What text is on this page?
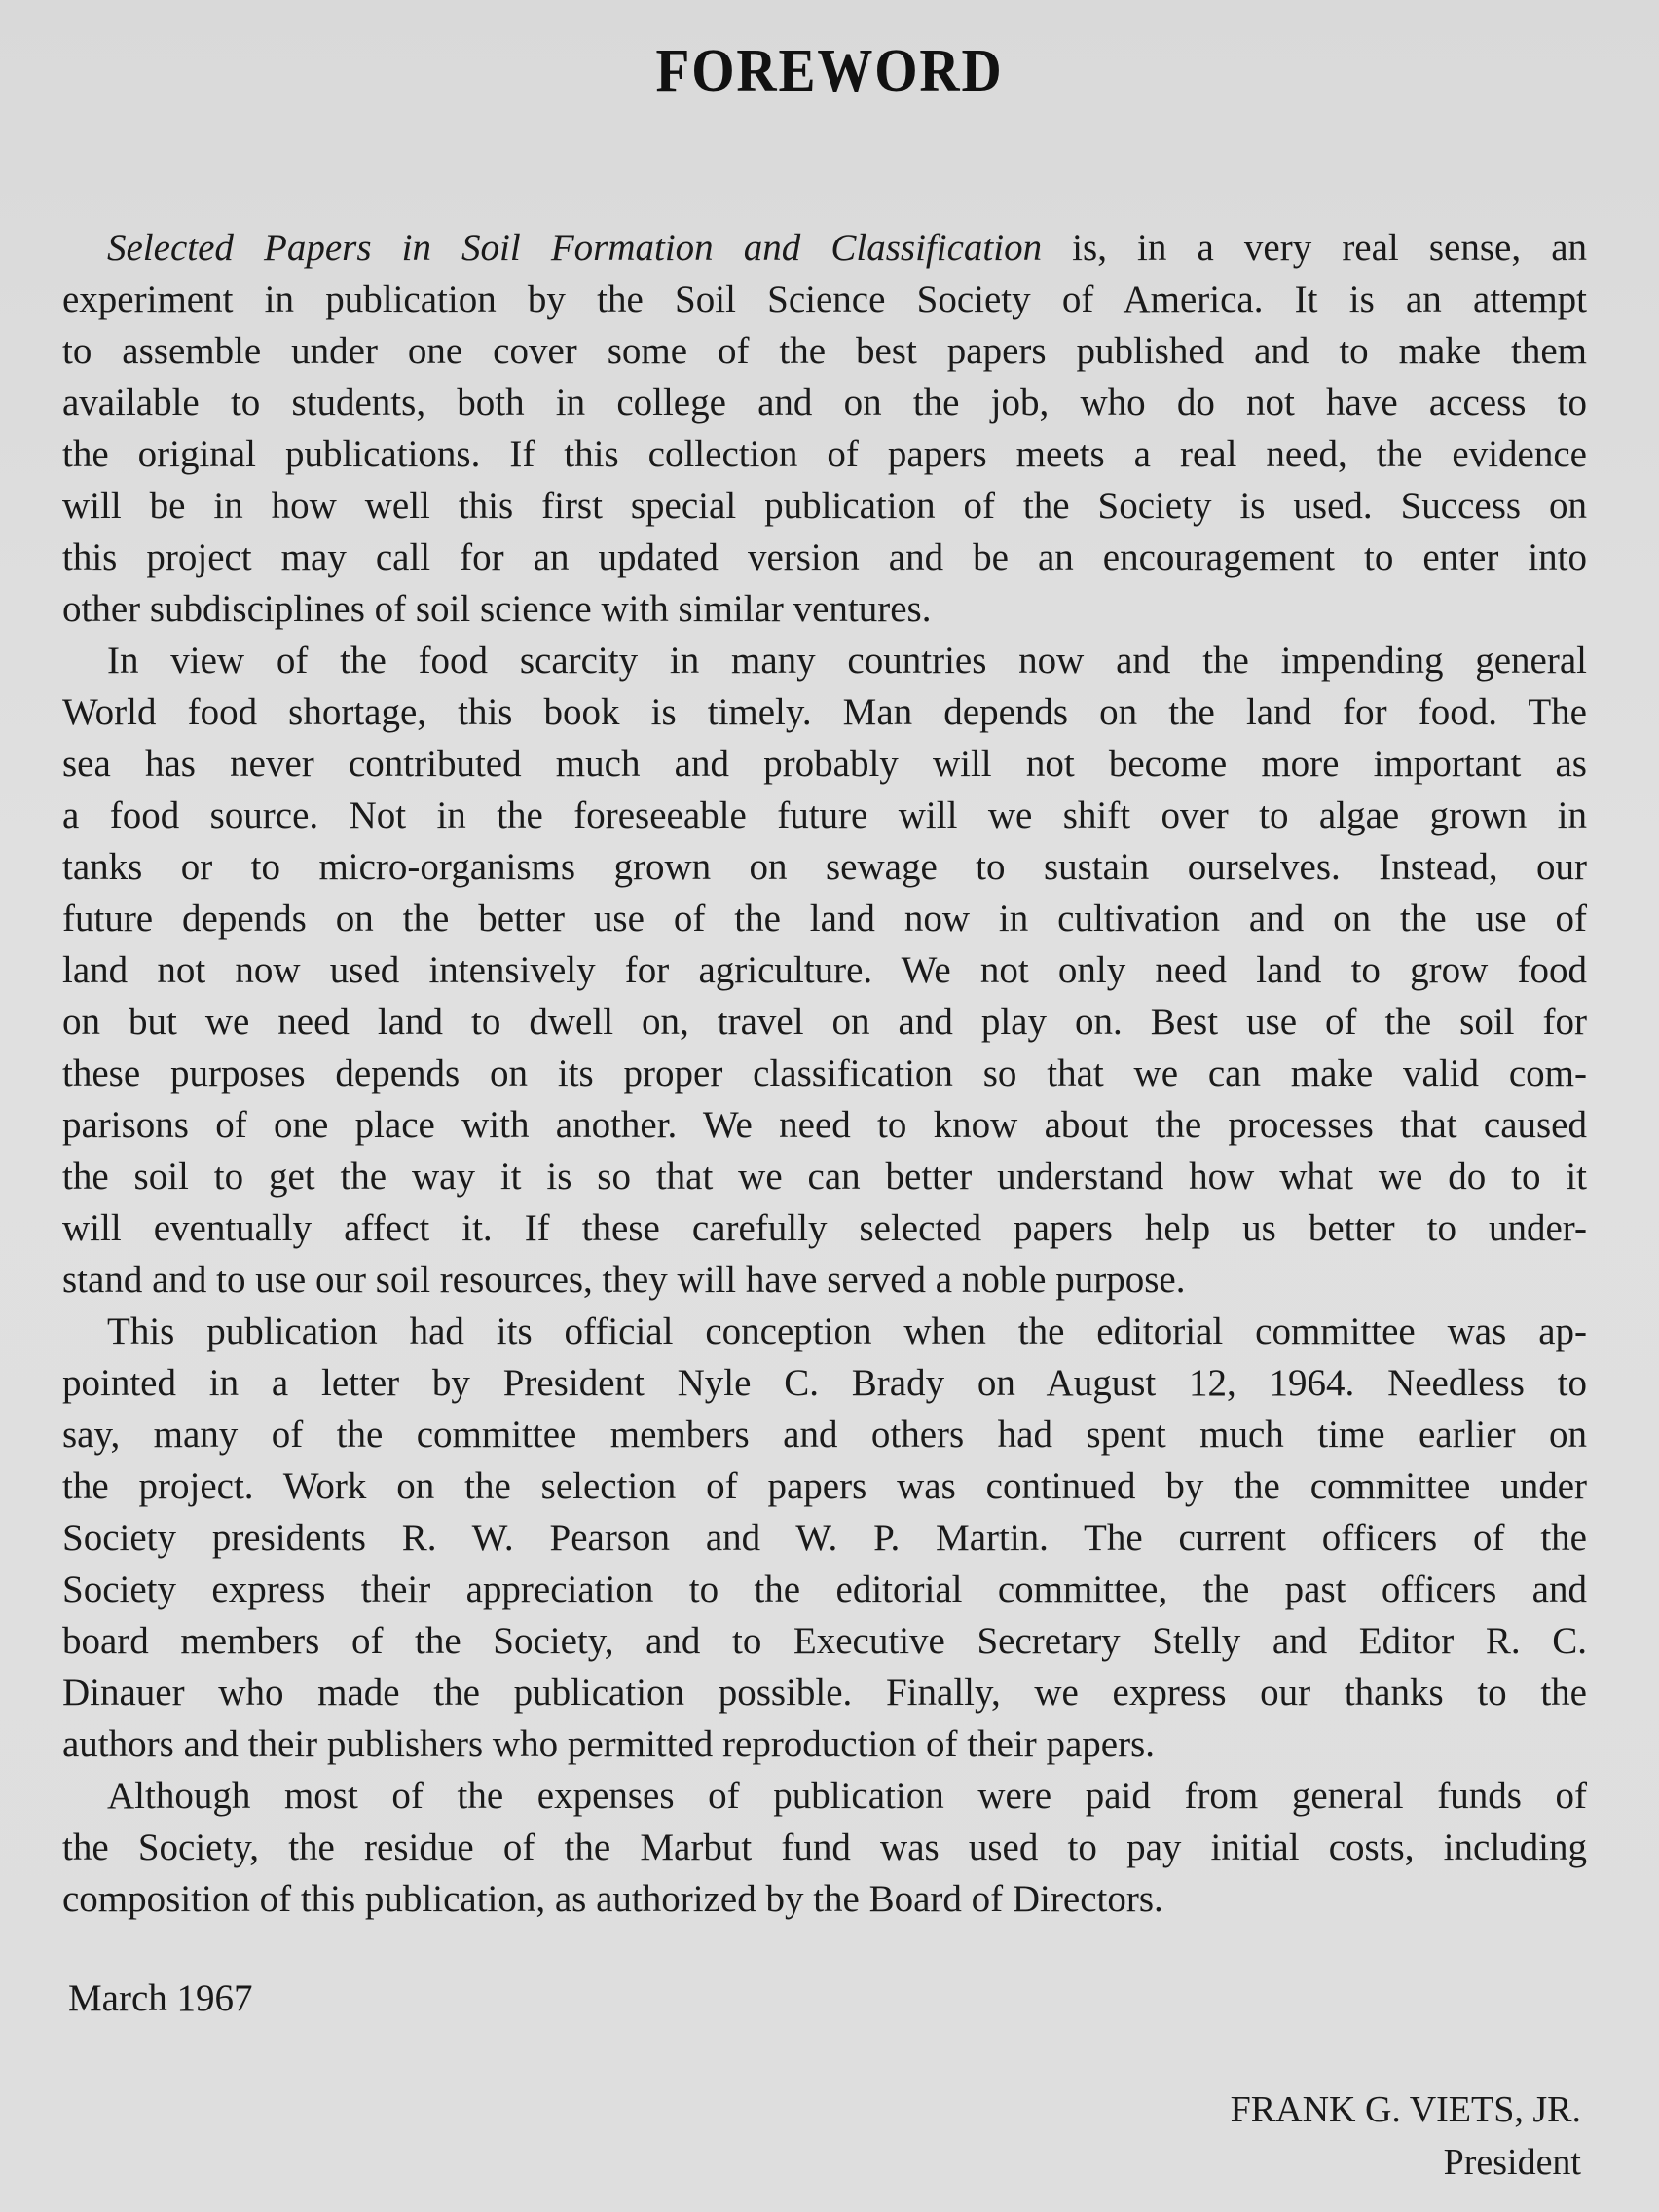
FOREWORD
Selected Papers in Soil Formation and Classification is, in a very real sense, an
experiment in publication by the Soil Science Society of America. It is an attempt
to assemble under one cover some of the best papers published and to make them
available to students, both in college and on the job, who do not have access to
the original publications. If this collection of papers meets a real need, the evidence
will be in how well this first special publication of the Society is used. Success on
this project may call for an updated version and be an encouragement to enter into
other subdisciplines of soil science with similar ventures.
In view of the food scarcity in many countries now and the impending general
World food shortage, this book is timely. Man depends on the land for food. The
sea has never contributed much and probably will not become more important as
a food source. Not in the foreseeable future will we shift over to algae grown in
tanks or to micro-organisms grown on sewage to sustain ourselves. Instead, our
future depends on the better use of the land now in cultivation and on the use of
land not now used intensively for agriculture. We not only need land to grow food
on but we need land to dwell on, travel on and play on. Best use of the soil for
these purposes depends on its proper classification so that we can make valid com-
parisons of one place with another. We need to know about the processes that caused
the soil to get the way it is so that we can better understand how what we do to it
will eventually affect it. If these carefully selected papers help us better to under-
stand and to use our soil resources, they will have served a noble purpose.
This publication had its official conception when the editorial committee was ap-
pointed in a letter by President Nyle C. Brady on August 12, 1964. Needless to
say, many of the committee members and others had spent much time earlier on
the project. Work on the selection of papers was continued by the committee under
Society presidents R. W. Pearson and W. P. Martin. The current officers of the
Society express their appreciation to the editorial committee, the past officers and
board members of the Society, and to Executive Secretary Stelly and Editor R. C.
Dinauer who made the publication possible. Finally, we express our thanks to the
authors and their publishers who permitted reproduction of their papers.
Although most of the expenses of publication were paid from general funds of
the Society, the residue of the Marbut fund was used to pay initial costs, including
composition of this publication, as authorized by the Board of Directors.
March 1967
FRANK G. VIETS, JR.
President
